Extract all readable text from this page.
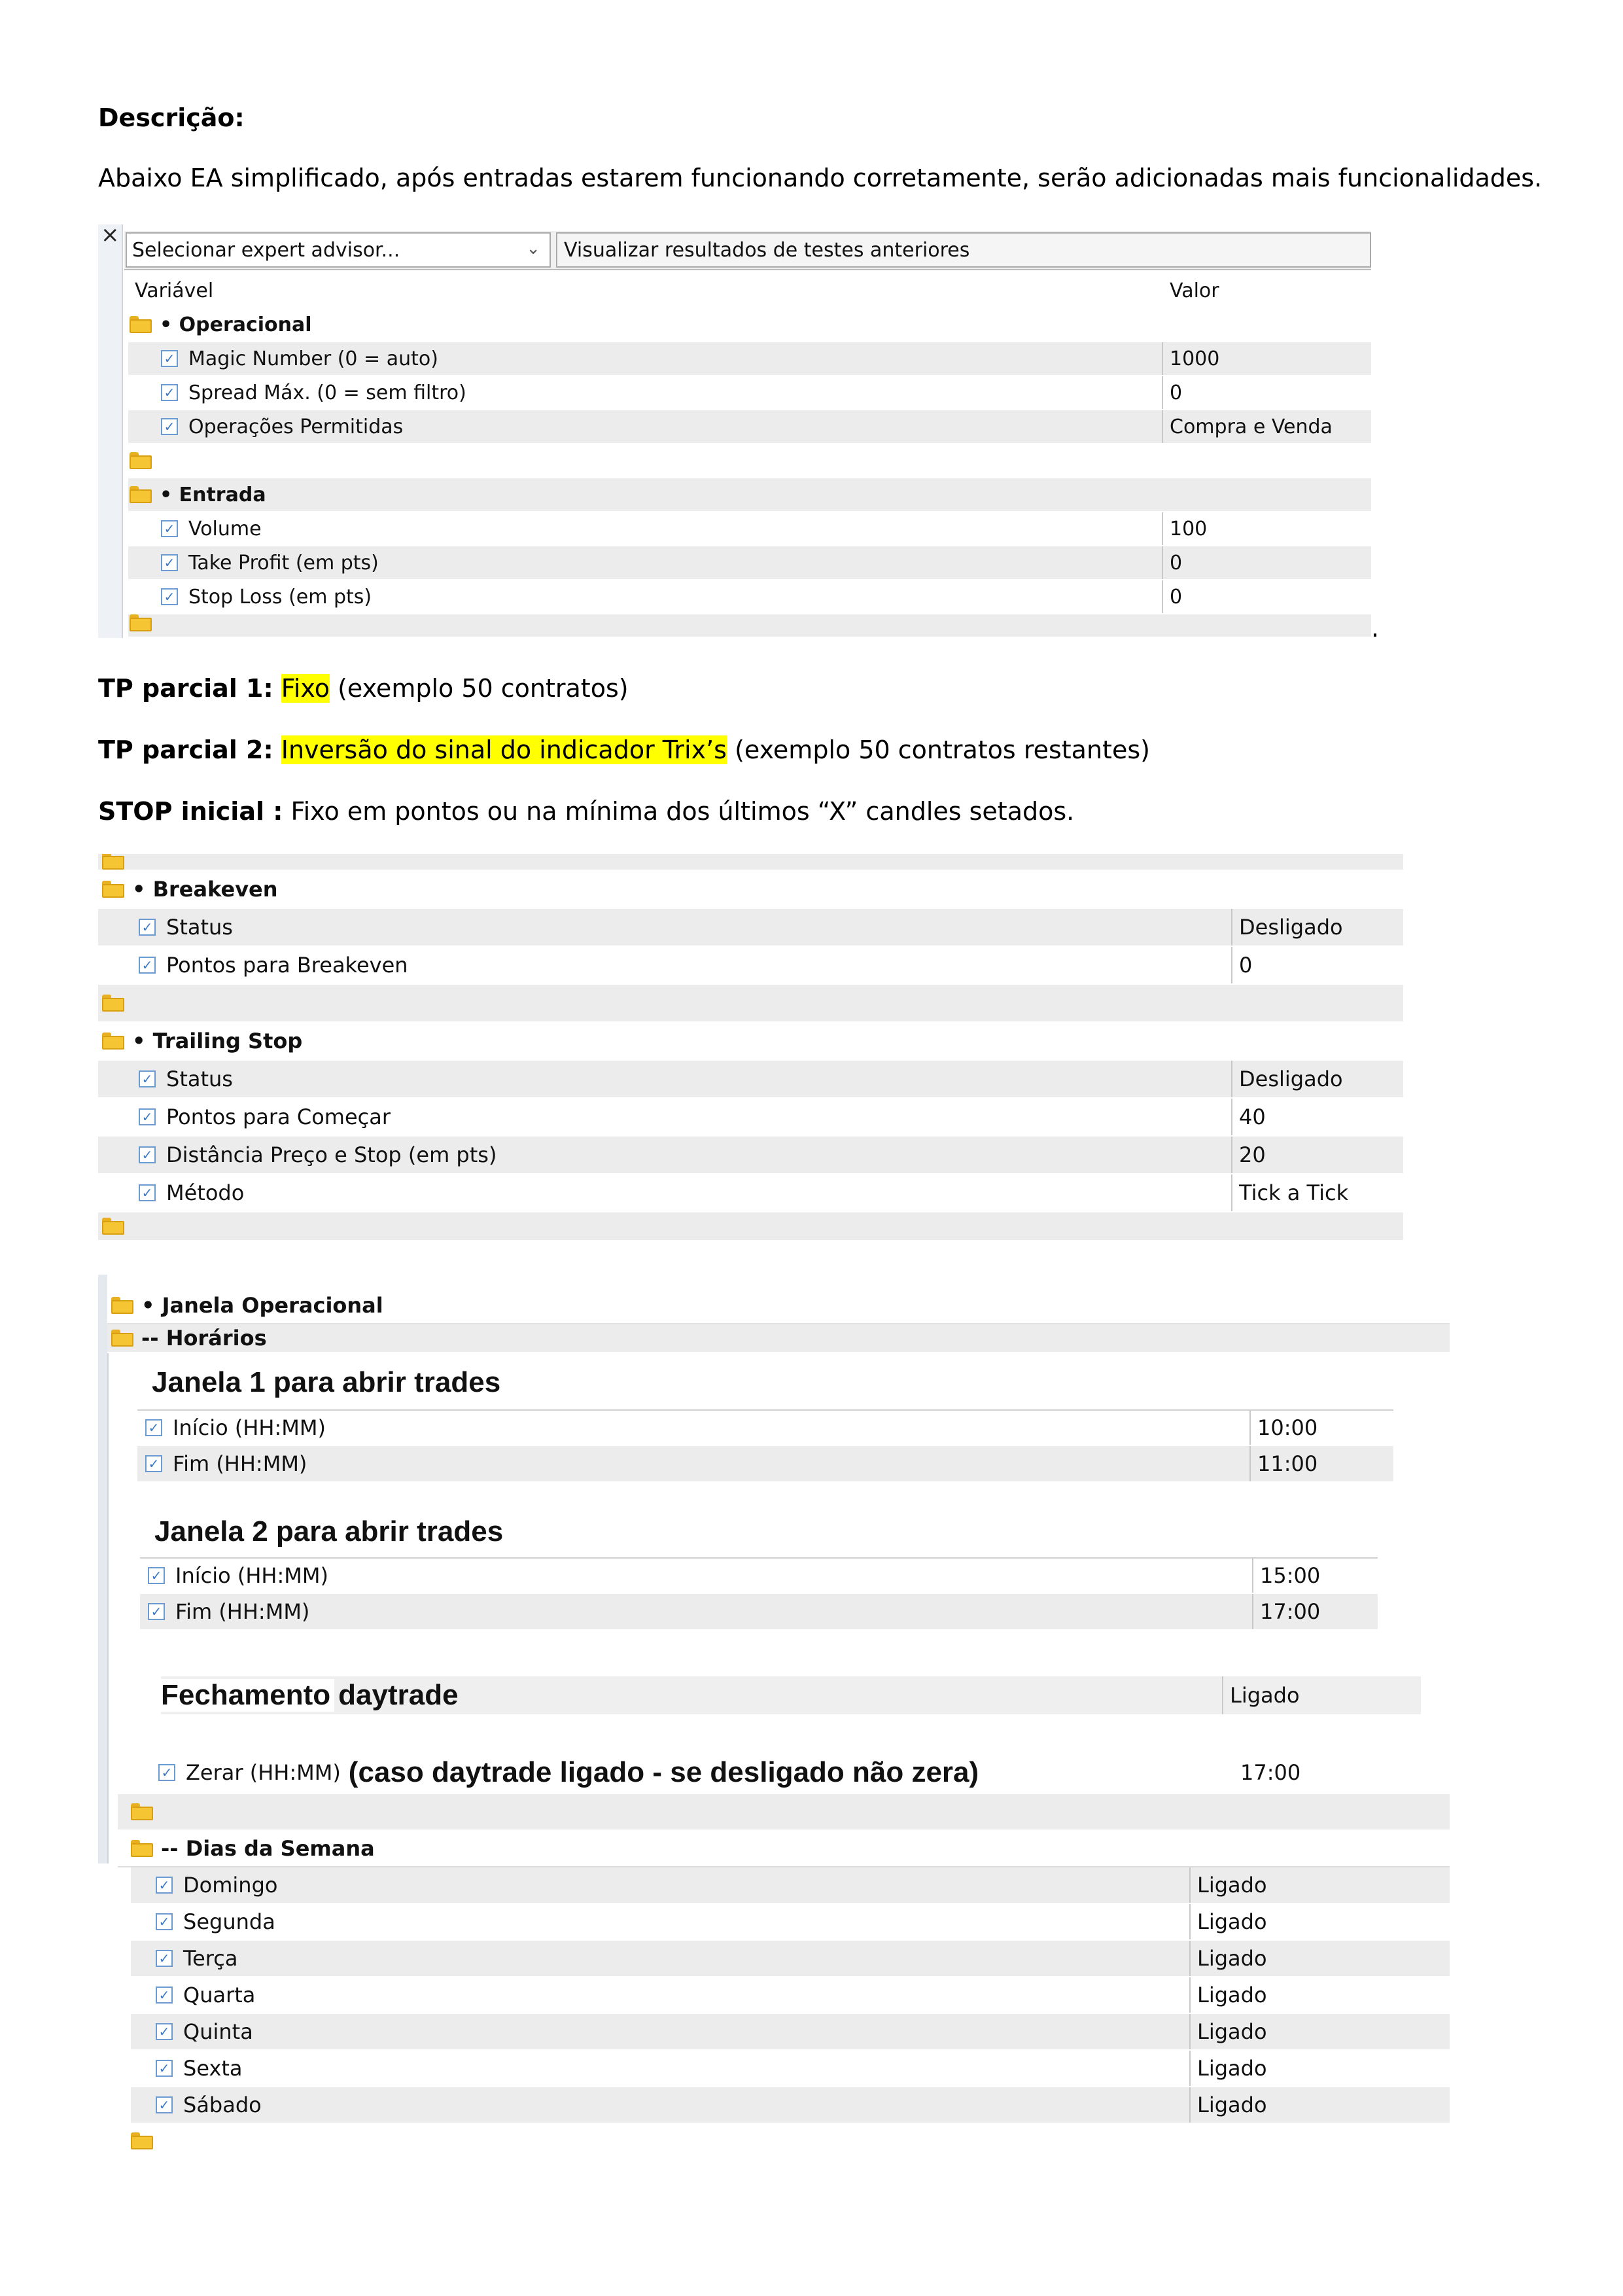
Descrição:
Abaixo EA simplificado, após entradas estarem funcionando corretamente, serão adicionadas mais funcionalidades.
×
Selecionar expert advisor...	⌄ Visualizar resultados de testes anteriores
Variável	Valor
• Operacional
✓ Magic Number (0 = auto)	1000
✓ Spread Máx. (0 = sem filtro)	0
✓ Operações Permitidas	Compra e Venda
• Entrada
✓ Volume	100
✓ Take Profit (em pts)	0
✓ Stop Loss (em pts)	0
.
TP parcial 1: Fixo (exemplo 50 contratos)
TP parcial 2: Inversão do sinal do indicador Trix’s (exemplo 50 contratos restantes)
STOP inicial : Fixo em pontos ou na mínima dos últimos “X” candles setados.
• Breakeven
✓ Status	Desligado
✓ Pontos para Breakeven	0
• Trailing Stop
✓ Status	Desligado
✓ Pontos para Começar	40
✓ Distância Preço e Stop (em pts)	20
✓ Método	Tick a Tick
• Janela Operacional
-- Horários
Janela 1 para abrir trades
✓ Início (HH:MM)	10:00
✓ Fim (HH:MM)	11:00
Janela 2 para abrir trades
✓ Início (HH:MM)	15:00
✓ Fim (HH:MM)	17:00
Fechamento daytrade	Ligado
✓ Zerar (HH:MM) (caso daytrade ligado - se desligado não zera)	17:00
-- Dias da Semana
✓ Domingo	Ligado
✓ Segunda	Ligado
✓ Terça	Ligado
✓ Quarta	Ligado
✓ Quinta	Ligado
✓ Sexta	Ligado
✓ Sábado	Ligado
